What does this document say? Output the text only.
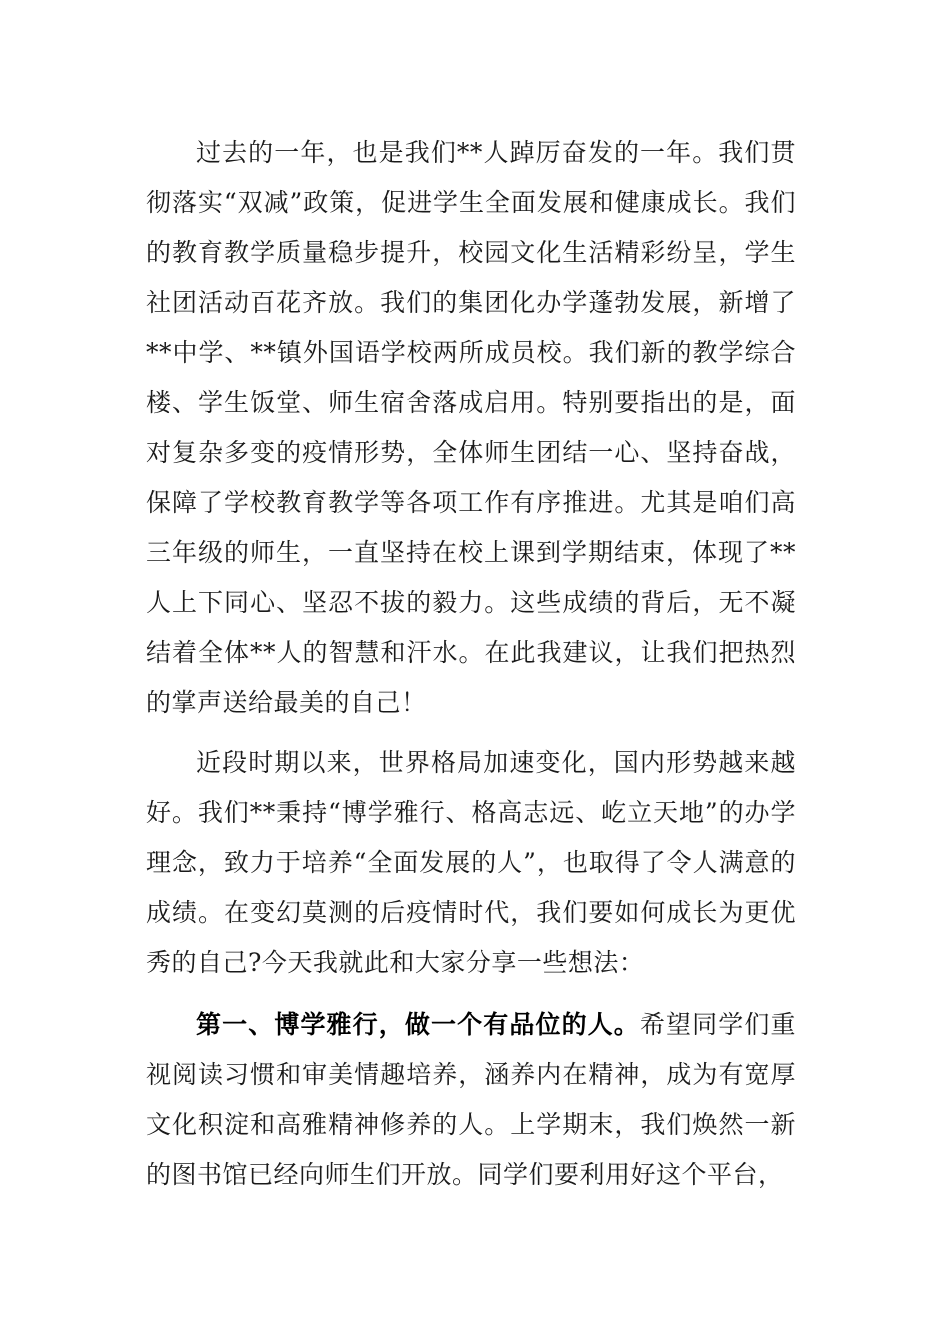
过去的一年，也是我们**人踔厉奋发的一年。我们贯彻落实“双减”政策，促进学生全面发展和健康成长。我们的教育教学质量稳步提升，校园文化生活精彩纷呈，学生社团活动百花齐放。我们的集团化办学蓬勃发展，新增了**中学、**镇外国语学校两所成员校。我们新的教学综合楼、学生饭堂、师生宿舍落成启用。特别要指出的是，面对复杂多变的疫情形势，全体师生团结一心、坚持奋战，保障了学校教育教学等各项工作有序推进。尤其是咱们高三年级的师生，一直坚持在校上课到学期结束，体现了**人上下同心、坚忍不拔的毅力。这些成绩的背后，无不凝结着全体**人的智慧和汗水。在此我建议，让我们把热烈的掌声送给最美的自己！

近段时期以来，世界格局加速变化，国内形势越来越好。我们**秉持“博学雅行、格高志远、屹立天地”的办学理念，致力于培养“全面发展的人”，也取得了令人满意的成绩。在变幻莫测的后疫情时代，我们要如何成长为更优秀的自己?今天我就此和大家分享一些想法：

第一、博学雅行，做一个有品位的人。希望同学们重视阅读习惯和审美情趣培养，涵养内在精神，成为有宽厚文化积淀和高雅精神修养的人。上学期末，我们焕然一新的图书馆已经向师生们开放。同学们要利用好这个平台，
